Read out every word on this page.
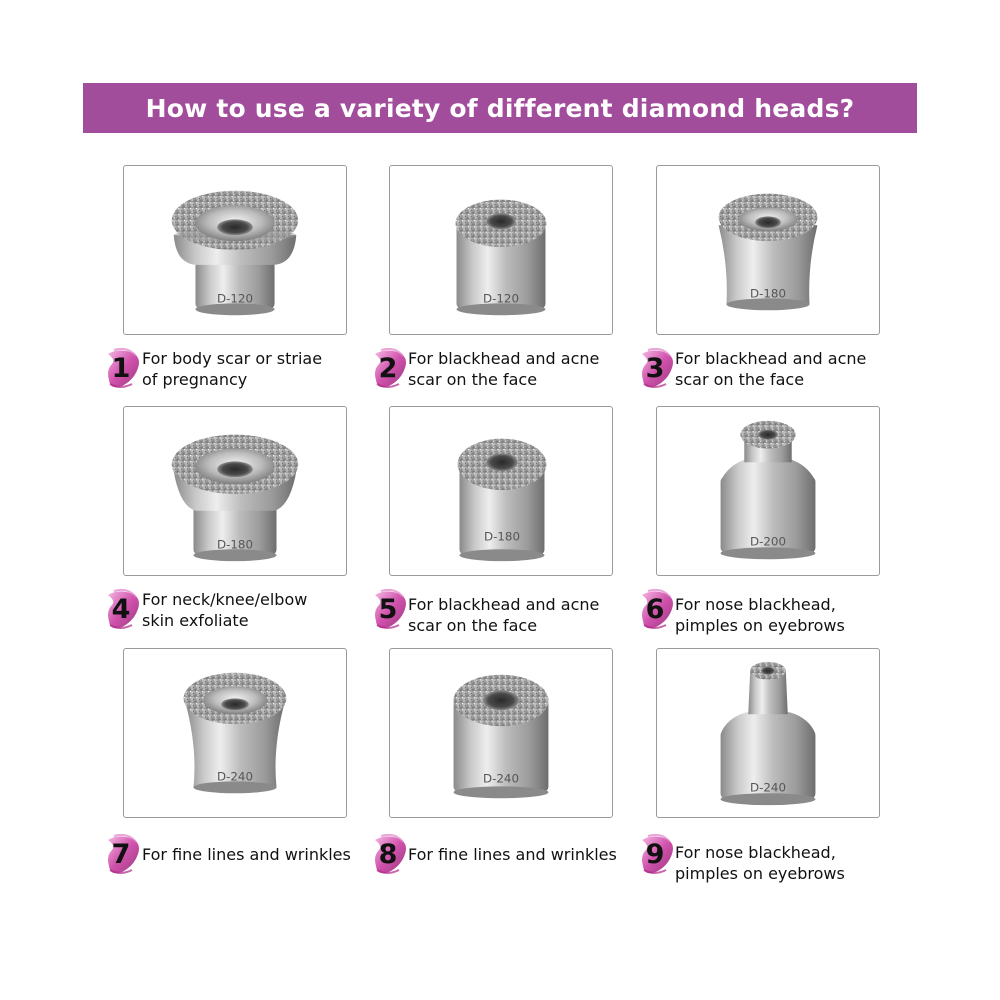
How to use a variety of different diamond heads?
D-120	D-120	D-180
D-180
D-180	D-200
D-240	D-240
D-240
1 For body scar or striae
of pregnancy	2 For blackhead and acne
scar on the face	3 For blackhead and acne
scar on the face
4 For neck/knee/elbow
skin exfoliate	5 For blackhead and acne
scar on the face
6 For nose blackhead,
pimples on eyebrows
7 For fine lines and wrinkles	8 For fine lines and wrinkles	9 For nose blackhead,
pimples on eyebrows
